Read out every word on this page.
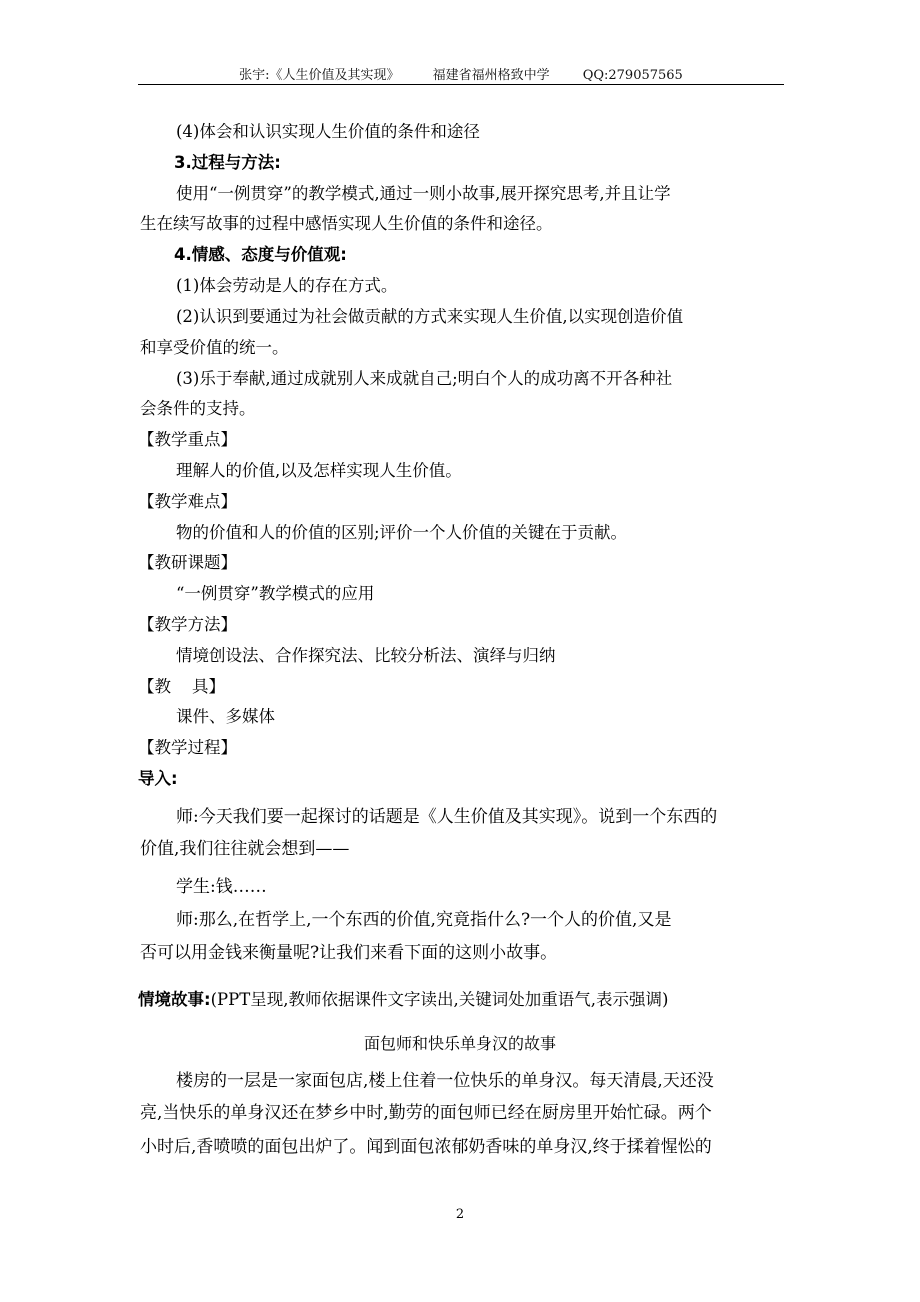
张宇:《人生价值及其实现》	福建省福州格致中学	QQ:279057565
(4)体会和认识实现人生价值的条件和途径
3.过程与方法:
使用“一例贯穿”的教学模式,通过一则小故事,展开探究思考,并且让学
生在续写故事的过程中感悟实现人生价值的条件和途径。
4.情感、态度与价值观:
(1)体会劳动是人的存在方式。
(2)认识到要通过为社会做贡献的方式来实现人生价值,以实现创造价值
和享受价值的统一。
(3)乐于奉献,通过成就别人来成就自己;明白个人的成功离不开各种社
会条件的支持。
【教学重点】
理解人的价值,以及怎样实现人生价值。
【教学难点】
物的价值和人的价值的区别;评价一个人价值的关键在于贡献。
【教研课题】
“一例贯穿”教学模式的应用
【教学方法】
情境创设法、合作探究法、比较分析法、演绎与归纳
【教    具】
课件、多媒体
【教学过程】
导入:
师:今天我们要一起探讨的话题是《人生价值及其实现》。说到一个东西的
价值,我们往往就会想到——
学生:钱……
师:那么,在哲学上,一个东西的价值,究竟指什么?一个人的价值,又是
否可以用金钱来衡量呢?让我们来看下面的这则小故事。
情境故事:(PPT呈现,教师依据课件文字读出,关键词处加重语气,表示强调)
面包师和快乐单身汉的故事
楼房的一层是一家面包店,楼上住着一位快乐的单身汉。每天清晨,天还没
亮,当快乐的单身汉还在梦乡中时,勤劳的面包师已经在厨房里开始忙碌。两个
小时后,香喷喷的面包出炉了。闻到面包浓郁奶香味的单身汉,终于揉着惺忪的
2
